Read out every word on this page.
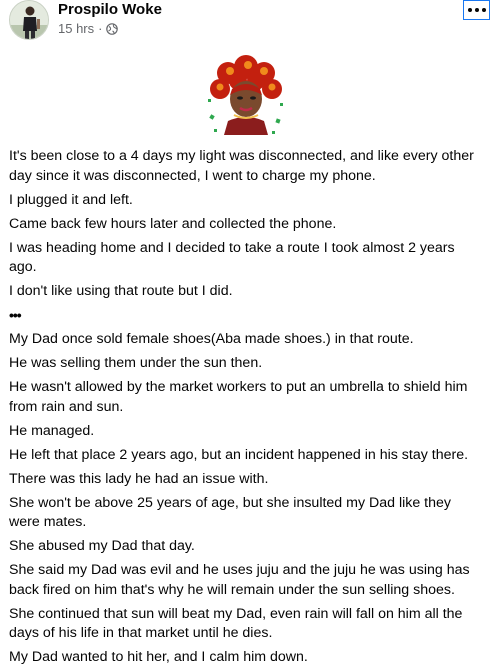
Prospilo Woke
15 hrs ·

It's been close to a 4 days my light was disconnected, and like every other day since it was disconnected, I went to charge my phone.

I plugged it and left.

Came back few hours later and collected the phone.

I was heading home and I decided to take a route I took almost 2 years ago.

I don't like using that route but I did.

•••

My Dad once sold female shoes(Aba made shoes.) in that route.

He was selling them under the sun then.

He wasn't allowed by the market workers to put an umbrella to shield him from rain and sun.

He managed.

He left that place 2 years ago, but an incident happened in his stay there.

There was this lady he had an issue with.

She won't be above 25 years of age, but she insulted my Dad like they were mates.

She abused my Dad that day.

She said my Dad was evil and he uses juju and the juju he was using has back fired on him that's why he will remain under the sun selling shoes.

She continued that sun will beat my Dad, even rain will fall on him all the days of his life in that market until he dies.

My Dad wanted to hit her, and I calm him down.
